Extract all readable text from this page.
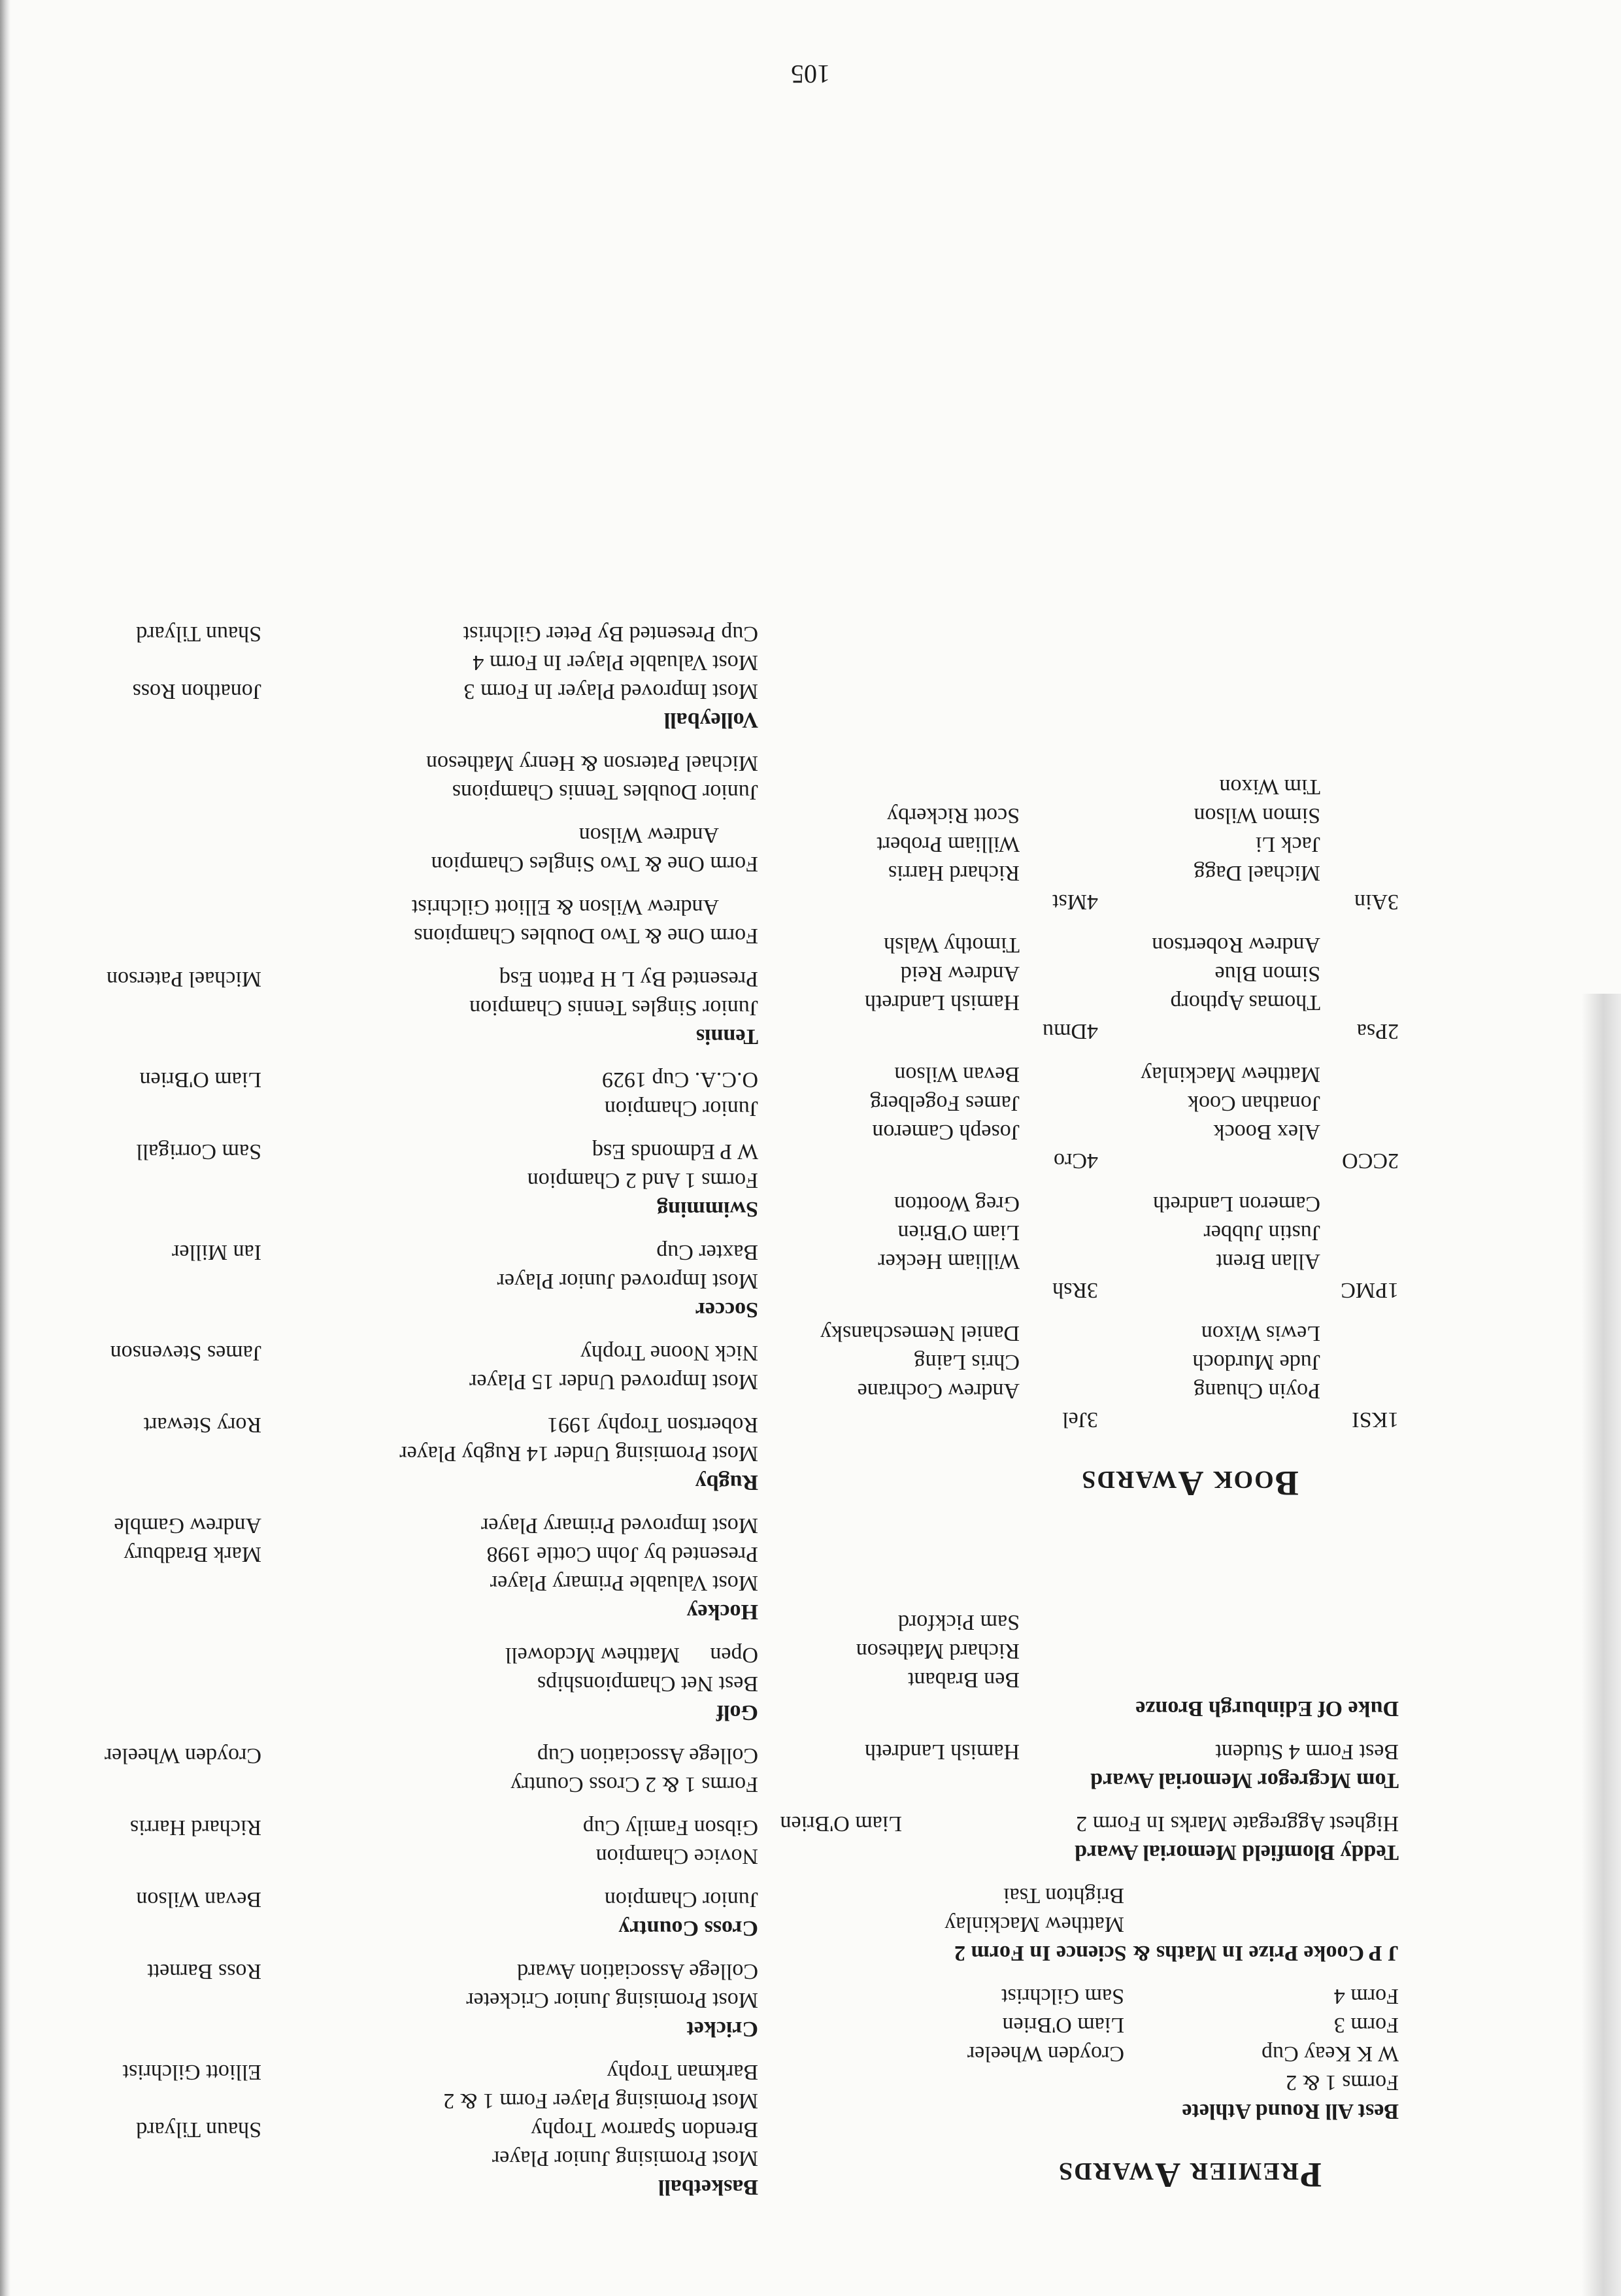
Premier Awards
Best All Round Athlete
Forms 1 & 2
W K Keay Cup
Croyden Wheeler
Form 3
Liam O'Brien
Form 4
Sam Gilchrist
J P Cooke Prize In Maths & Science In Form 2
Matthew Mackinlay
Brighton Tsai
Teddy Blomfield Memorial Award
Highest Aggregate Marks In Form 2
Liam O'Brien
Tom Mcgregor Memorial Award
Best Form 4 Student
Hamish Landreth
Duke Of Edinburgh Bronze
Ben Brabant
Richard Matheson
Sam Pickford
Book Awards
1KSI
Poyin Chuang
Jude Murdoch
Lewis Wixon
1PMC
Allan Brent
Justin Jubber
Cameron Landreth
2CCO
Alex Boock
Jonathan Cook
Matthew Mackinlay
2Psa
Thomas Apthorp
Simon Blue
Andrew Robertson
3Ain
Michael Dagg
Jack Li
Simon Wilson
Tim Wixon
3Jel
Andrew Cochrane
Chris Laing
Daniel Nemeschansky
3Rsh
William Hecker
Liam O'Brien
Greg Wootton
4Cro
Joseph Cameron
James Fogelberg
Bevan Wilson
4Dmu
Hamish Landreth
Andrew Reid
Timothy Walsh
4Mst
Richard Harris
William Probert
Scott Rickerby
Basketball
Most Promising Junior Player
Brendon Sparrow Trophy
Shaun Tilyard
Most Promising Player Form 1 & 2
Barkman Trophy
Elliott Gilchrist
Cricket
Most Promising Junior Cricketer
College Association Award
Ross Barnett
Cross Country
Junior Champion
Bevan Wilson
Novice Champion
Gibson Family Cup
Richard Harris
Forms 1 & 2 Cross Country
College Association Cup
Croyden Wheeler
Golf
Best Net Championships
Open
Matthew Mcdowell
Hockey
Most Valuable Primary Player
Presented by John Cottle 1998
Mark Bradbury
Most Improved Primary Player
Andrew Gamble
Rugby
Most Promising Under 14 Rugby Player
Robertson Trophy 1991
Rory Stewart
Most Improved Under 15 Player
Nick Noone Trophy
James Stevenson
Soccer
Most Improved Junior Player
Baxter Cup
Ian Miller
Swimming
Forms 1 And 2 Champion
W P Edmonds Esq
Sam Corrigall
Junior Champion
O.C.A. Cup 1929
Liam O'Brien
Tennis
Junior Singles Tennis Champion
Presented By L H Patton Esq
Michael Paterson
Form One & Two Doubles Champions
Andrew Wilson & Elliott Gilchrist
Form One & Two Singles Champion
Andrew Wilson
Junior Doubles Tennis Champions
Michael Paterson & Henry Matheson
Volleyball
Most Improved Player In Form 3
Jonathon Ross
Most Valuable Player In Form 4
Cup Presented By Peter Gilchrist
Shaun Tilyard
105
